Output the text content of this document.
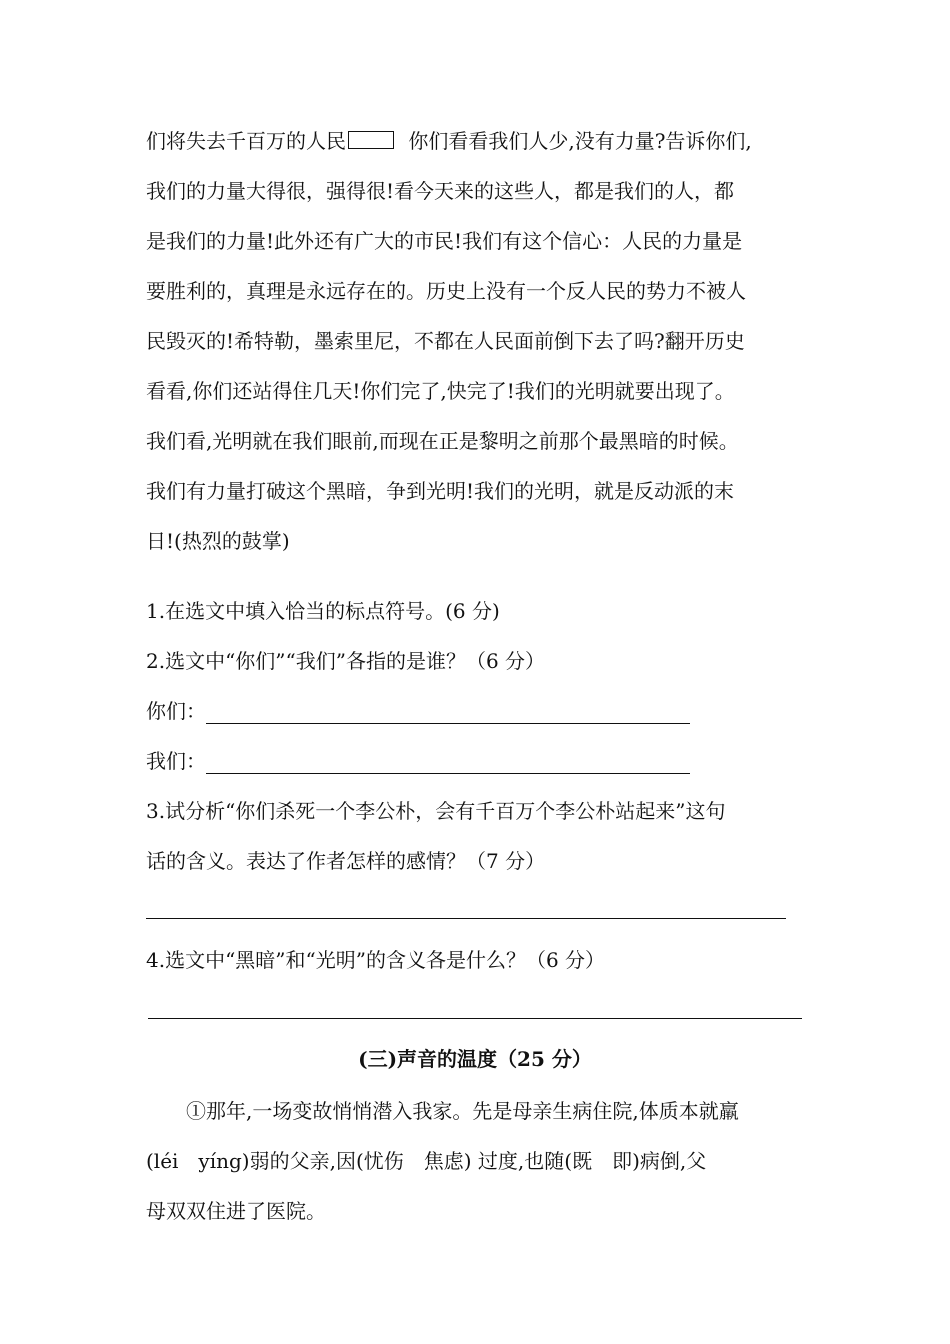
们将失去千百万的人民	你们看看我们人少,没有力量?告诉你们,
我们的力量大得很，强得很!看今天来的这些人，都是我们的人，都
是我们的力量!此外还有广大的市民!我们有这个信心：人民的力量是
要胜利的，真理是永远存在的。历史上没有一个反人民的势力不被人
民毁灭的!希特勒，墨索里尼，不都在人民面前倒下去了吗?翻开历史
看看,你们还站得住几天!你们完了,快完了!我们的光明就要出现了。
我们看,光明就在我们眼前,而现在正是黎明之前那个最黑暗的时候。
我们有力量打破这个黑暗，争到光明!我们的光明，就是反动派的末
日!(热烈的鼓掌)
1.在选文中填入恰当的标点符号。(6 分)
2.选文中“你们”“我们”各指的是谁？（6 分）
你们：
我们：
3.试分析“你们杀死一个李公朴，会有千百万个李公朴站起来”这句
话的含义。表达了作者怎样的感情？（7 分）
4.选文中“黑暗”和“光明”的含义各是什么？（6 分）
(三)声音的温度（25 分）
①那年,一场变故悄悄潜入我家。先是母亲生病住院,体质本就羸
(léi　yíng)弱的父亲,因(忧伤　焦虑) 过度,也随(既　即)病倒,父
母双双住进了医院。
